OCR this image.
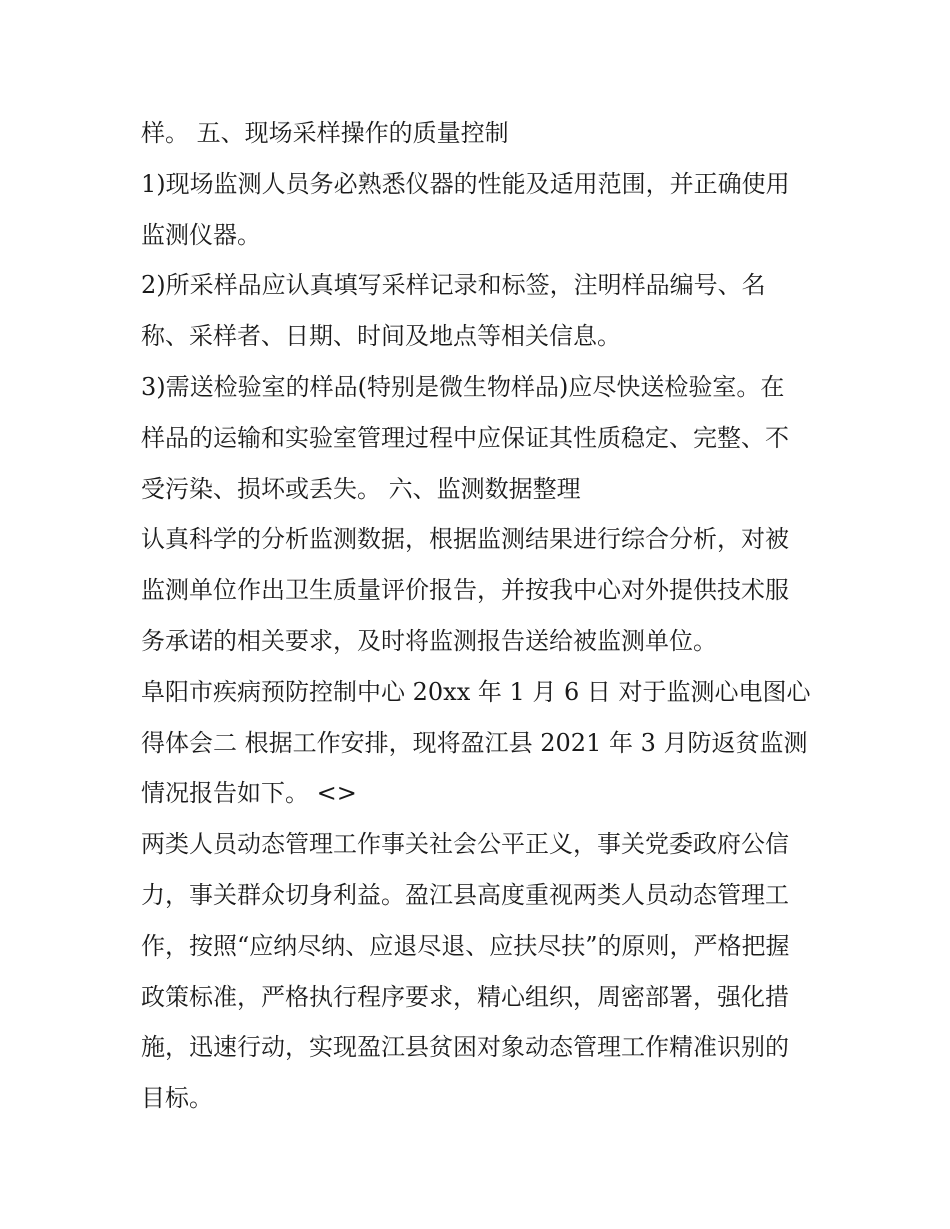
样。 五、现场采样操作的质量控制
1)现场监测人员务必熟悉仪器的性能及适用范围，并正确使用
监测仪器。
2)所采样品应认真填写采样记录和标签，注明样品编号、名
称、采样者、日期、时间及地点等相关信息。
3)需送检验室的样品(特别是微生物样品)应尽快送检验室。在
样品的运输和实验室管理过程中应保证其性质稳定、完整、不
受污染、损坏或丢失。 六、监测数据整理
认真科学的分析监测数据，根据监测结果进行综合分析，对被
监测单位作出卫生质量评价报告，并按我中心对外提供技术服
务承诺的相关要求，及时将监测报告送给被监测单位。
阜阳市疾病预防控制中心 20xx 年 1 月 6 日 对于监测心电图心
得体会二 根据工作安排，现将盈江县 2021 年 3 月防返贫监测
情况报告如下。 <>
两类人员动态管理工作事关社会公平正义，事关党委政府公信
力，事关群众切身利益。盈江县高度重视两类人员动态管理工
作，按照“应纳尽纳、应退尽退、应扶尽扶”的原则，严格把握
政策标准，严格执行程序要求，精心组织，周密部署，强化措
施，迅速行动，实现盈江县贫困对象动态管理工作精准识别的
目标。
